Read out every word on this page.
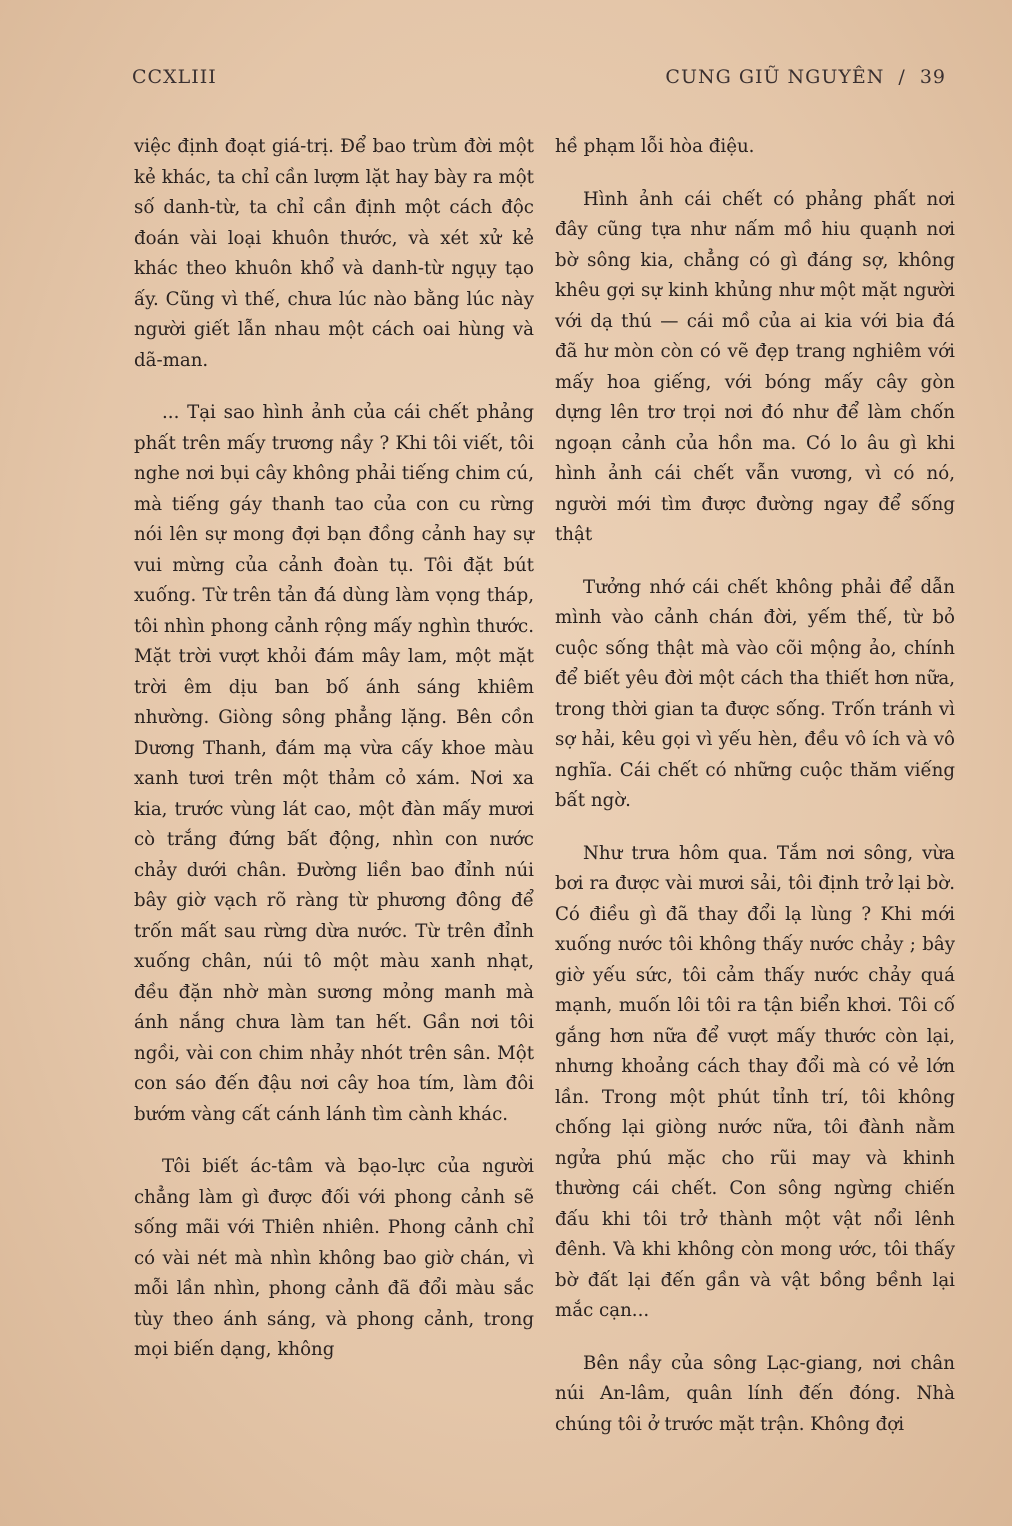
CCXLIII	CUNG GIŨ NGUYÊN / 39

việc định đoạt giá-trị. Để bao trùm đời một kẻ khác, ta chỉ cần lượm lặt hay bày ra một số danh-từ, ta chỉ cần định một cách độc đoán vài loại khuôn thước, và xét xử kẻ khác theo khuôn khổ và danh-từ ngụy tạo ấy. Cũng vì thế, chưa lúc nào bằng lúc này người giết lẫn nhau một cách oai hùng và dã-man.

... Tại sao hình ảnh của cái chết phảng phất trên mấy trương nầy ? Khi tôi viết, tôi nghe nơi bụi cây không phải tiếng chim cú, mà tiếng gáy thanh tao của con cu rừng nói lên sự mong đợi bạn đồng cảnh hay sự vui mừng của cảnh đoàn tụ. Tôi đặt bút xuống. Từ trên tản đá dùng làm vọng tháp, tôi nhìn phong cảnh rộng mấy nghìn thước. Mặt trời vượt khỏi đám mây lam, một mặt trời êm dịu ban bố ánh sáng khiêm nhường. Giòng sông phẳng lặng. Bên cồn Dương Thanh, đám mạ vừa cấy khoe màu xanh tươi trên một thảm cỏ xám. Nơi xa kia, trước vùng lát cao, một đàn mấy mươi cò trắng đứng bất động, nhìn con nước chảy dưới chân. Đường liền bao đỉnh núi bây giờ vạch rõ ràng từ phương đông để trốn mất sau rừng dừa nước. Từ trên đỉnh xuống chân, núi tô một màu xanh nhạt, đều đặn nhờ màn sương mỏng manh mà ánh nắng chưa làm tan hết. Gần nơi tôi ngồi, vài con chim nhảy nhót trên sân. Một con sáo đến đậu nơi cây hoa tím, làm đôi bướm vàng cất cánh lánh tìm cành khác.

Tôi biết ác-tâm và bạo-lực của người chẳng làm gì được đối với phong cảnh sẽ sống mãi với Thiên nhiên. Phong cảnh chỉ có vài nét mà nhìn không bao giờ chán, vì mỗi lần nhìn, phong cảnh đã đổi màu sắc tùy theo ánh sáng, và phong cảnh, trong mọi biến dạng, không

hề phạm lỗi hòa điệu.

Hình ảnh cái chết có phảng phất nơi đây cũng tựa như nấm mồ hiu quạnh nơi bờ sông kia, chẳng có gì đáng sợ, không khêu gợi sự kinh khủng như một mặt người với dạ thú — cái mồ của ai kia với bia đá đã hư mòn còn có vẽ đẹp trang nghiêm với mấy hoa giếng, với bóng mấy cây gòn dựng lên trơ trọi nơi đó như để làm chốn ngoạn cảnh của hồn ma. Có lo âu gì khi hình ảnh cái chết vẫn vương, vì có nó, người mới tìm được đường ngay để sống thật

Tưởng nhớ cái chết không phải để dẫn mình vào cảnh chán đời, yếm thế, từ bỏ cuộc sống thật mà vào cõi mộng ảo, chính để biết yêu đời một cách tha thiết hơn nữa, trong thời gian ta được sống. Trốn tránh vì sợ hải, kêu gọi vì yếu hèn, đều vô ích và vô nghĩa. Cái chết có những cuộc thăm viếng bất ngờ.

Như trưa hôm qua. Tắm nơi sông, vừa bơi ra được vài mươi sải, tôi định trở lại bờ. Có điều gì đã thay đổi lạ lùng ? Khi mới xuống nước tôi không thấy nước chảy ; bây giờ yếu sức, tôi cảm thấy nước chảy quá mạnh, muốn lôi tôi ra tận biển khơi. Tôi cố gắng hơn nữa để vượt mấy thước còn lại, nhưng khoảng cách thay đổi mà có vẻ lớn lần. Trong một phút tỉnh trí, tôi không chống lại giòng nước nữa, tôi đành nằm ngửa phú mặc cho rũi may và khinh thường cái chết. Con sông ngừng chiến đấu khi tôi trở thành một vật nổi lênh đênh. Và khi không còn mong ước, tôi thấy bờ đất lại đến gần và vật bồng bềnh lại mắc cạn...

Bên nầy của sông Lạc-giang, nơi chân núi An-lâm, quân lính đến đóng. Nhà chúng tôi ở trước mặt trận. Không đợi
